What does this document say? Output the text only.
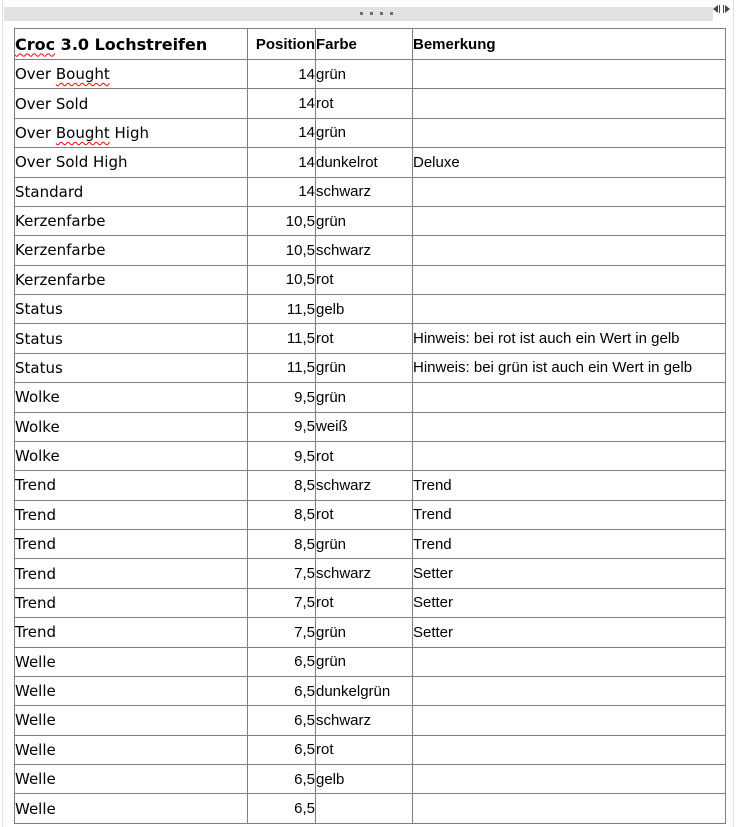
Croc 3.0 Lochstreifen	Position	Farbe	Bemerkung
Over Bought	14	grün	
Over Sold	14	rot	
Over Bought High	14	grün	
Over Sold High	14	dunkelrot	Deluxe
Standard	14	schwarz	
Kerzenfarbe	10,5	grün	
Kerzenfarbe	10,5	schwarz	
Kerzenfarbe	10,5	rot	
Status	11,5	gelb	
Status	11,5	rot	Hinweis: bei rot ist auch ein Wert in gelb
Status	11,5	grün	Hinweis: bei grün ist auch ein Wert in gelb
Wolke	9,5	grün	
Wolke	9,5	weiß	
Wolke	9,5	rot	
Trend	8,5	schwarz	Trend
Trend	8,5	rot	Trend
Trend	8,5	grün	Trend
Trend	7,5	schwarz	Setter
Trend	7,5	rot	Setter
Trend	7,5	grün	Setter
Welle	6,5	grün	
Welle	6,5	dunkelgrün	
Welle	6,5	schwarz	
Welle	6,5	rot	
Welle	6,5	gelb	
Welle	6,5		
